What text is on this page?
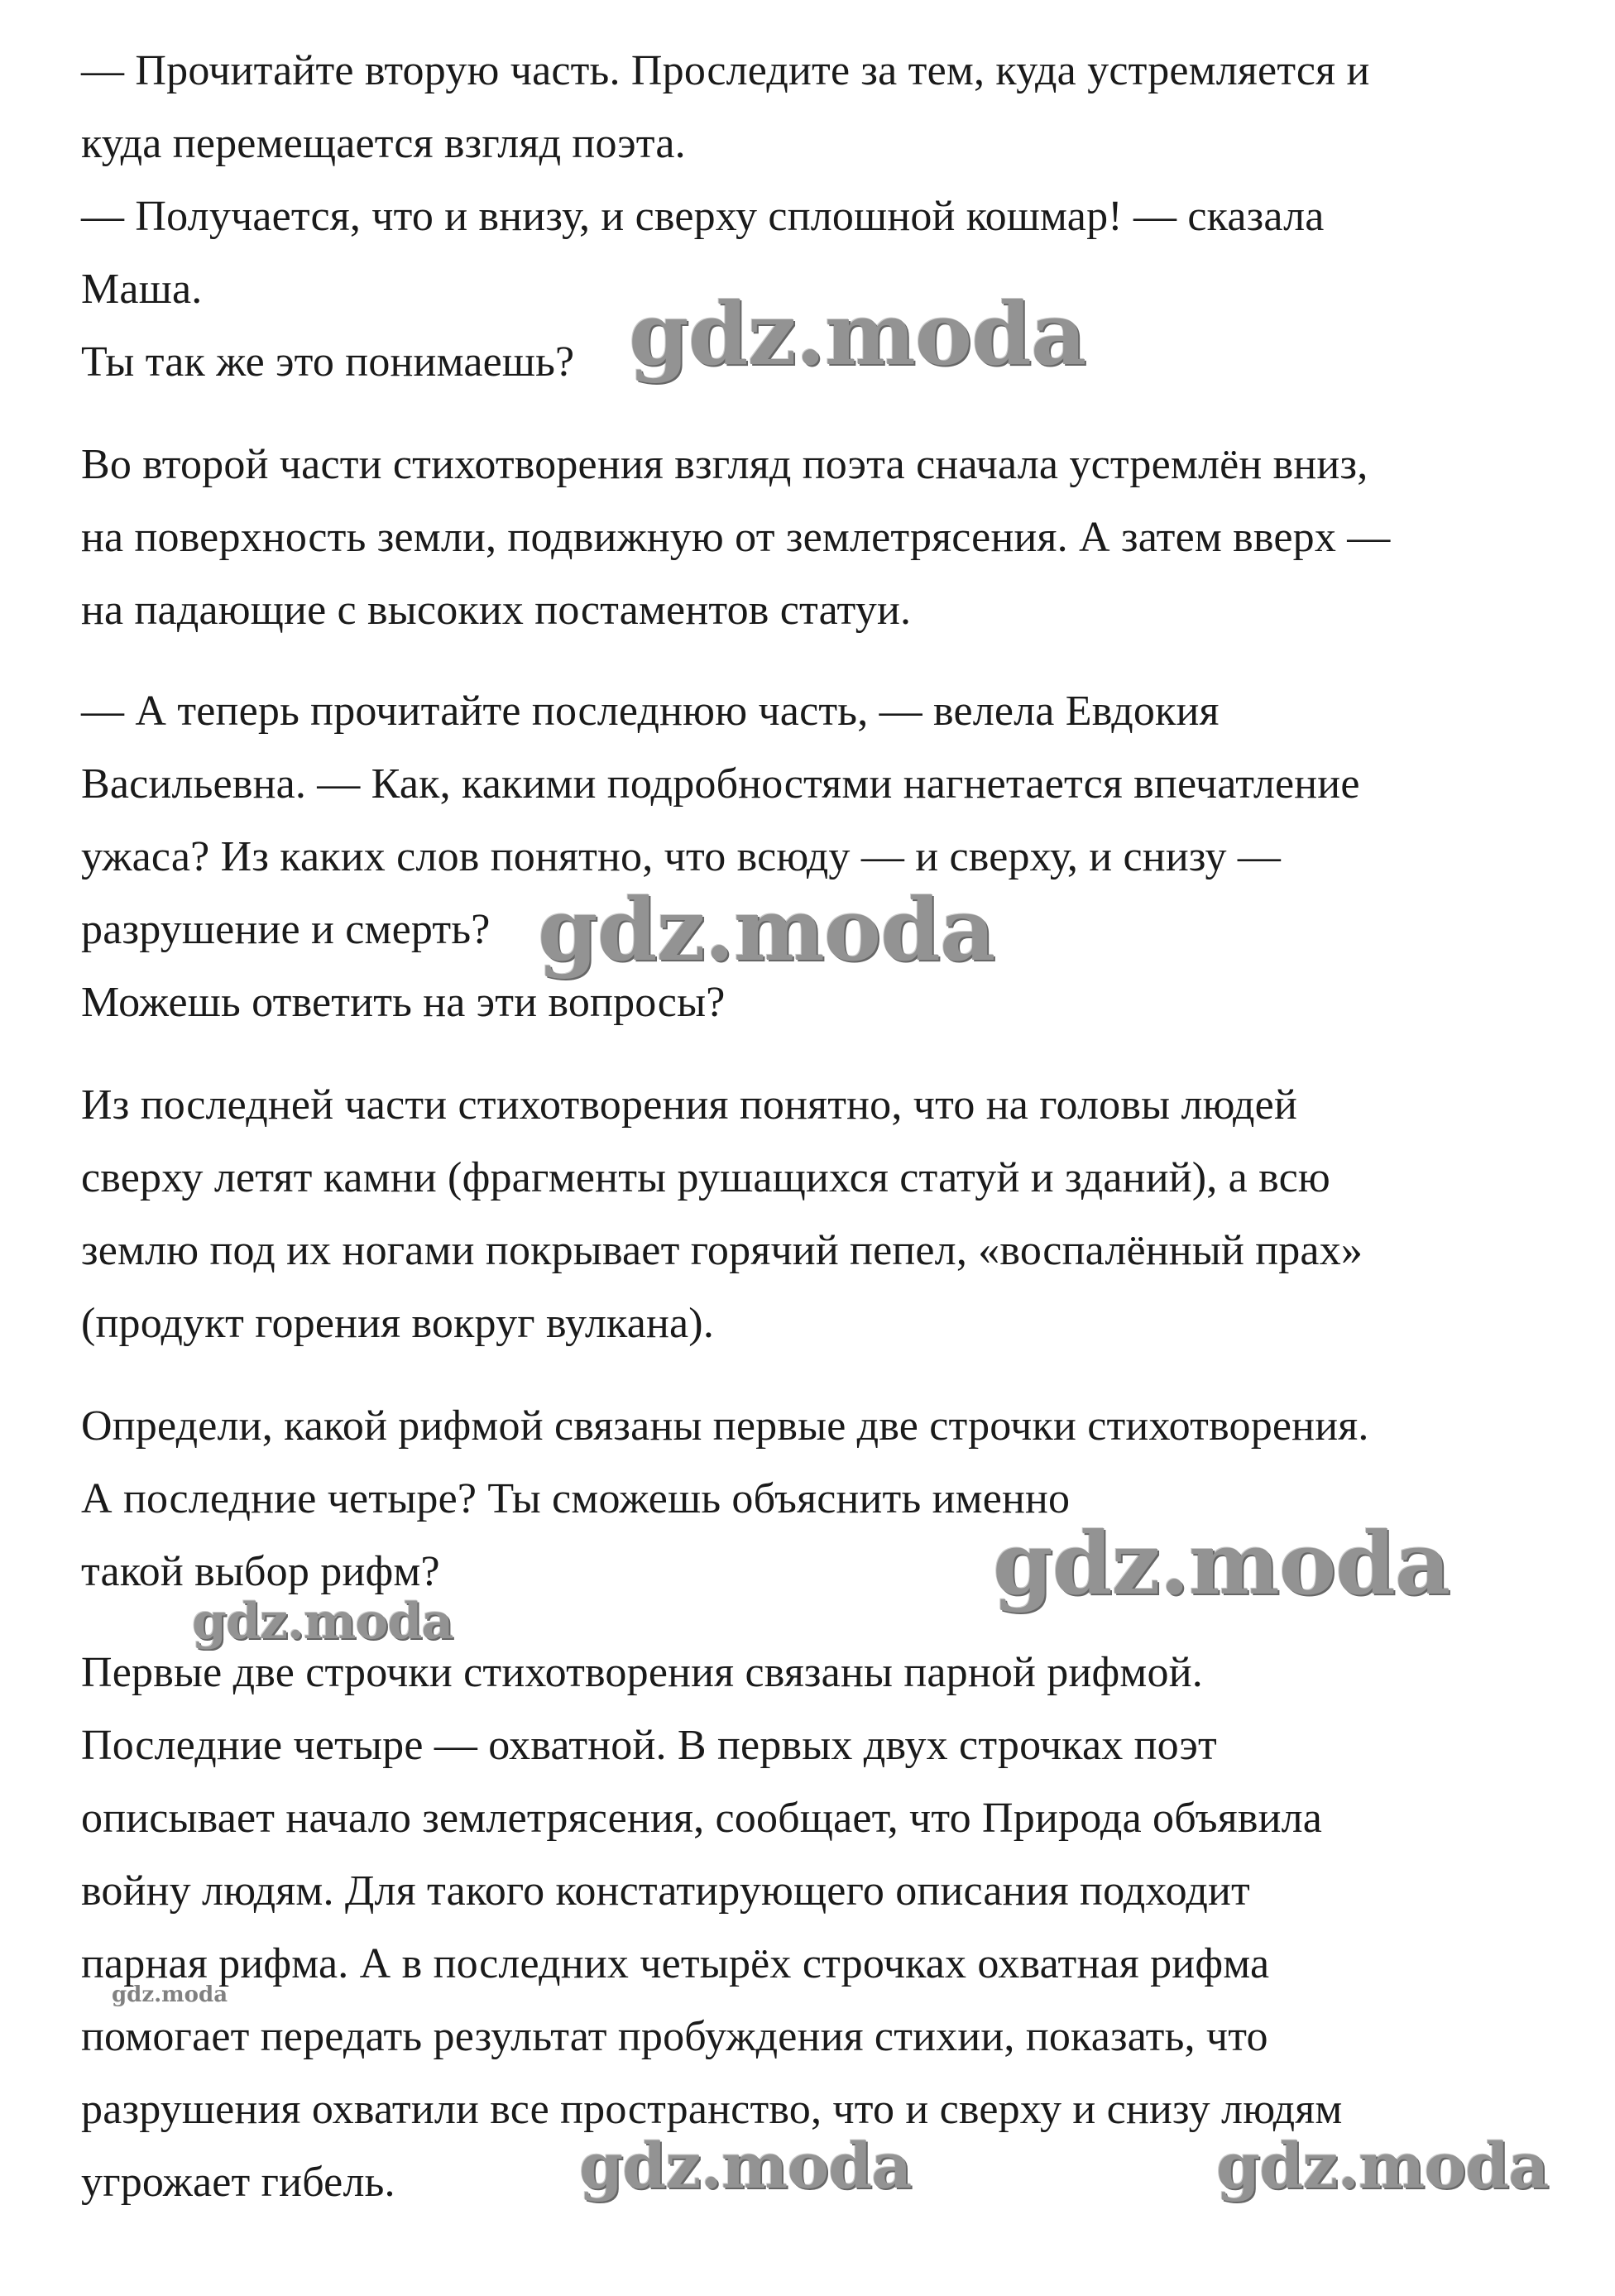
— Прочитайте вторую часть. Проследите за тем, куда устремляется и
куда перемещается взгляд поэта.
— Получается, что и внизу, и сверху сплошной кошмар! — сказала
Маша.
Ты так же это понимаешь?
Во второй части стихотворения взгляд поэта сначала устремлён вниз,
на поверхность земли, подвижную от землетрясения. А затем вверх —
на падающие с высоких постаментов статуи.
— А теперь прочитайте последнюю часть, — велела Евдокия
Васильевна. — Как, какими подробностями нагнетается впечатление
ужаса? Из каких слов понятно, что всюду — и сверху, и снизу —
разрушение и смерть?
Можешь ответить на эти вопросы?
Из последней части стихотворения понятно, что на головы людей
сверху летят камни (фрагменты рушащихся статуй и зданий), а всю
землю под их ногами покрывает горячий пепел, «воспалённый прах»
(продукт горения вокруг вулкана).
Определи, какой рифмой связаны первые две строчки стихотворения.
А последние четыре? Ты сможешь объяснить именно
такой выбор рифм?
Первые две строчки стихотворения связаны парной рифмой.
Последние четыре — охватной. В первых двух строчках поэт
описывает начало землетрясения, сообщает, что Природа объявила
войну людям. Для такого констатирующего описания подходит
парная рифма. А в последних четырёх строчках охватная рифма
помогает передать результат пробуждения стихии, показать, что
разрушения охватили все пространство, что и сверху и снизу людям
угрожает гибель.
gdz.moda
gdz.moda
gdz.moda
gdz.moda
gdz.moda
gdz.moda	gdz.moda
